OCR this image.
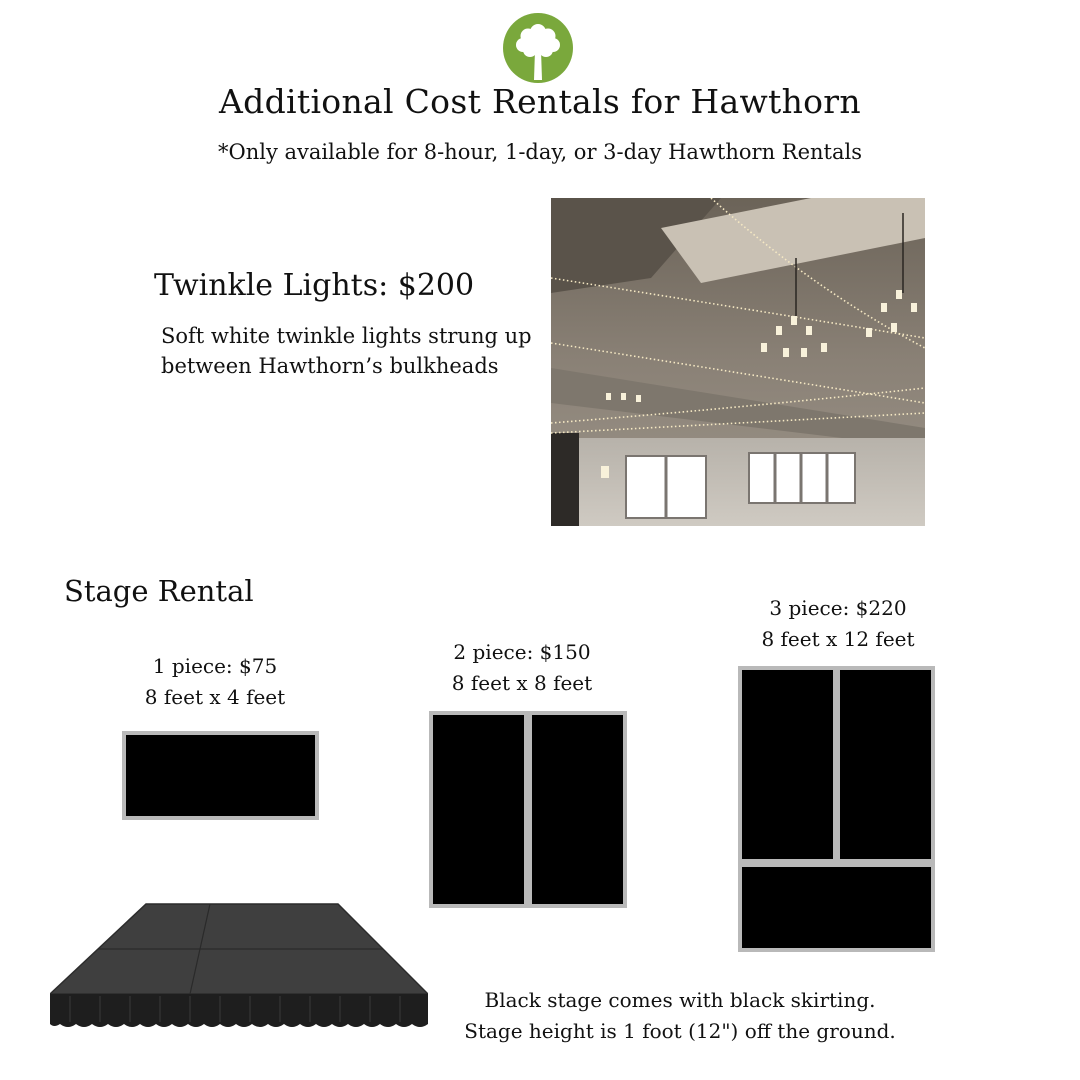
Additional Cost Rentals for Hawthorn
*Only available for 8-hour, 1-day, or 3-day Hawthorn Rentals
Twinkle Lights: $200
Soft white twinkle lights strung up
between Hawthorn’s bulkheads
Stage Rental
1 piece: $75
8 feet x 4 feet
2 piece: $150
8 feet x 8 feet
3 piece: $220
8 feet x 12 feet
Black stage comes with black skirting.
Stage height is 1 foot (12") off the ground.
